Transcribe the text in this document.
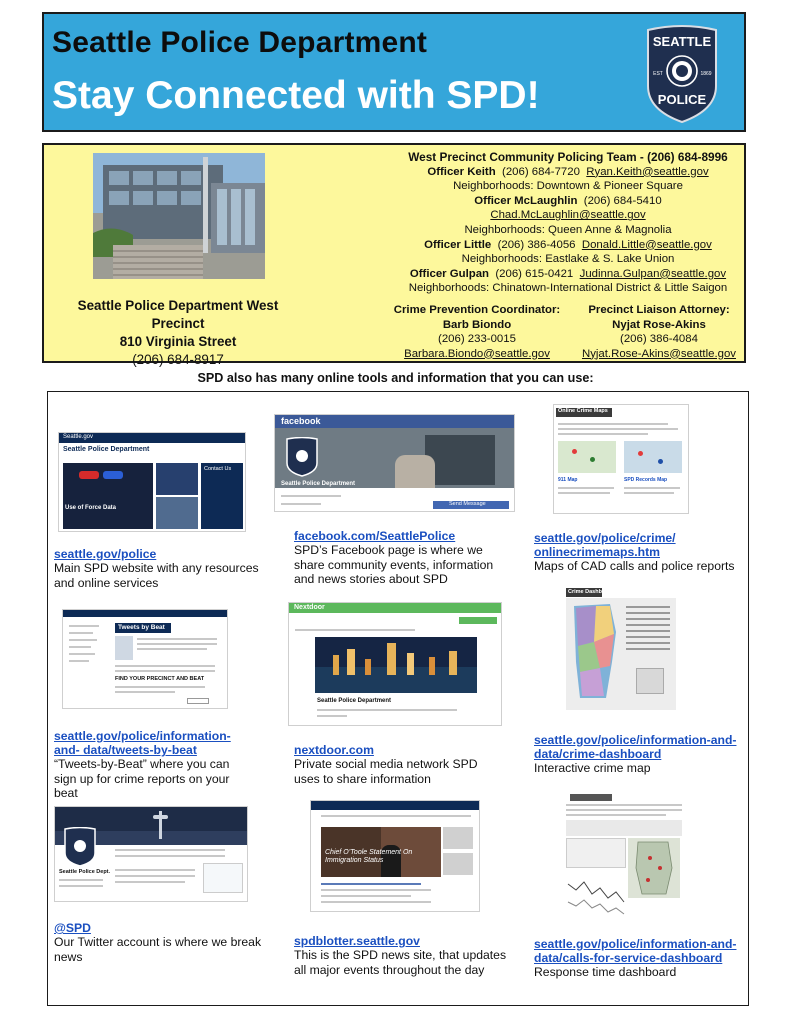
Seattle Police Department
Stay Connected with SPD!
SEATTLE
EST	1869
POLICE
Seattle Police Department West Precinct
810 Virginia Street
(206) 684-8917
West Precinct Community Policing Team - (206) 684-8996
Officer Keith (206) 684-7720 Ryan.Keith@seattle.gov
Neighborhoods: Downtown & Pioneer Square
Officer McLaughlin (206) 684-5410
Chad.McLaughlin@seattle.gov
Neighborhoods: Queen Anne & Magnolia
Officer Little (206) 386-4056 Donald.Little@seattle.gov
Neighborhoods: Eastlake & S. Lake Union
Officer Gulpan (206) 615-0421 Judinna.Gulpan@seattle.gov
Neighborhoods: Chinatown-International District & Little Saigon
Crime Prevention Coordinator:
Barb Biondo
(206) 233-0015
Barbara.Biondo@seattle.gov
Precinct Liaison Attorney:
Nyjat Rose-Akins
(206) 386-4084
Nyjat.Rose-Akins@seattle.gov
SPD also has many online tools and information that you can use:
Seattle.gov
Seattle Police Department
Use of Force Data
Contact Us
seattle.gov/police
Main SPD website with any resources and online services
facebook
Seattle Police Department
Send Message
facebook.com/SeattlePolice
SPD’s Facebook page is where we share community events, information and news stories about SPD
Online Crime Maps
911 Map	SPD Records Map
seattle.gov/police/crime/ onlinecrimemaps.htm
Maps of CAD calls and police reports
Tweets by Beat
FIND YOUR PRECINCT AND BEAT
seattle.gov/police/information-and- data/tweets-by-beat
“Tweets-by-Beat” where you can sign up for crime reports on your beat
Nextdoor
Seattle Police Department
nextdoor.com
Private social media network SPD uses to share information
Crime Dashboard
seattle.gov/police/information-and- data/crime-dashboard
Interactive crime map
Seattle Police Dept.
@SPD
Our Twitter account is where we break news
Chief O’Toole Statement On Immigration Status
spdblotter.seattle.gov
This is the SPD news site, that updates all major events throughout the day
seattle.gov/police/information-and- data/calls-for-service-dashboard
Response time dashboard
